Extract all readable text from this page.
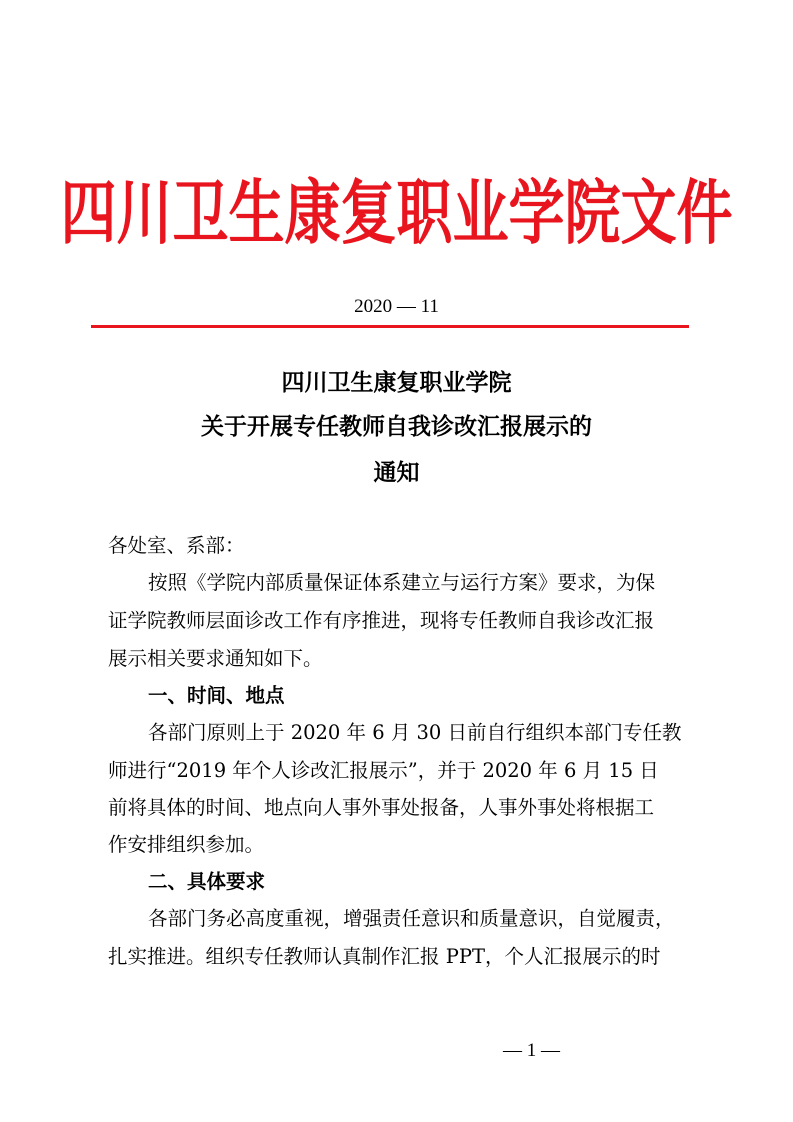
四川卫生康复职业学院文件
2020 — 11
四川卫生康复职业学院
关于开展专任教师自我诊改汇报展示的
通知
各处室、系部：
按照《学院内部质量保证体系建立与运行方案》要求，为保
证学院教师层面诊改工作有序推进，现将专任教师自我诊改汇报
展示相关要求通知如下。
一、时间、地点
各部门原则上于 2020 年 6 月 30 日前自行组织本部门专任教
师进行“2019 年个人诊改汇报展示”，并于 2020 年 6 月 15 日
前将具体的时间、地点向人事外事处报备，人事外事处将根据工
作安排组织参加。
二、具体要求
各部门务必高度重视，增强责任意识和质量意识，自觉履责，
扎实推进。组织专任教师认真制作汇报 PPT，个人汇报展示的时
— 1 —
